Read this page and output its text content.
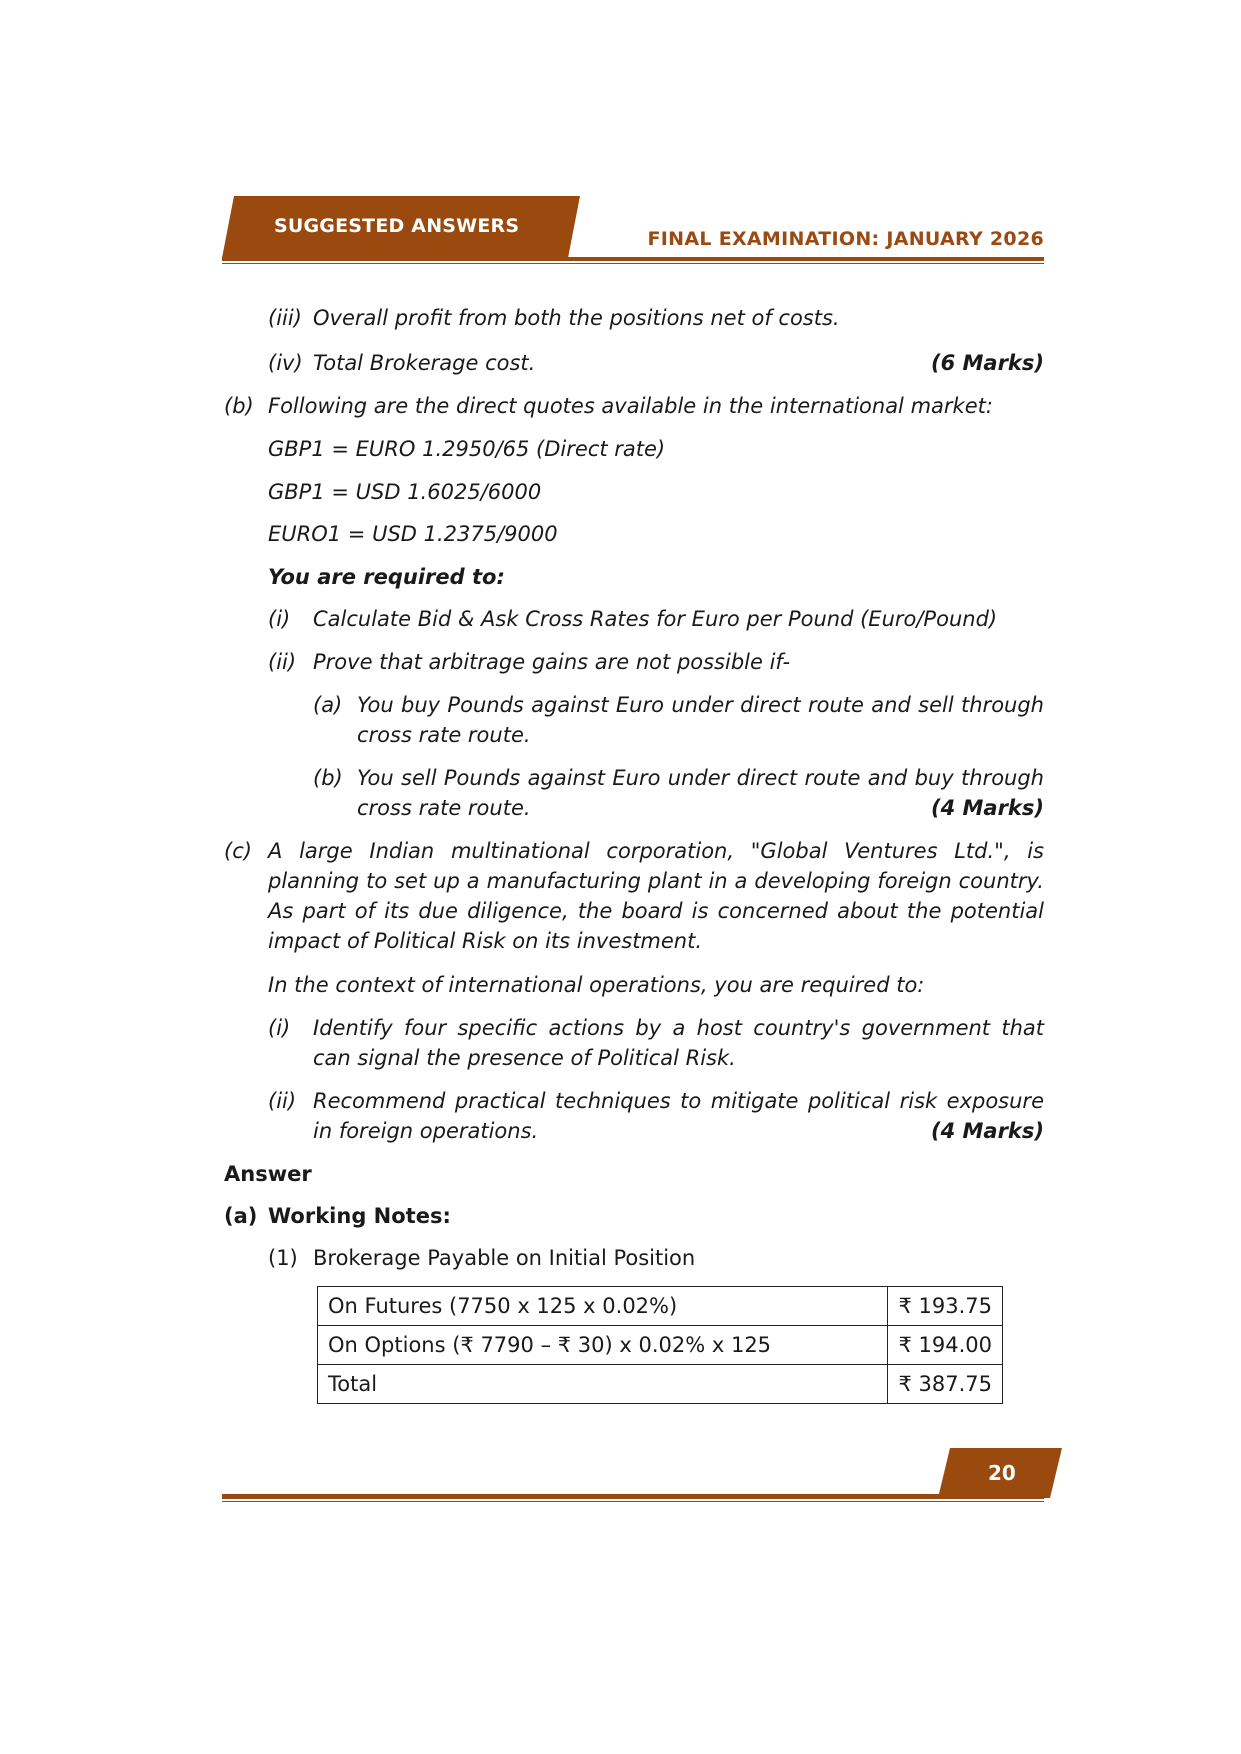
SUGGESTED ANSWERS
FINAL EXAMINATION: JANUARY 2026
(iii) Overall profit from both the positions net of costs.
(iv) Total Brokerage cost.	(6 Marks)
(b) Following are the direct quotes available in the international market:
GBP1 = EURO 1.2950/65 (Direct rate)
GBP1 = USD 1.6025/6000
EURO1 = USD 1.2375/9000
You are required to:
(i) Calculate Bid & Ask Cross Rates for Euro per Pound (Euro/Pound)
(ii) Prove that arbitrage gains are not possible if-
(a) You buy Pounds against Euro under direct route and sell through cross rate route.
(b) You sell Pounds against Euro under direct route and buy through cross rate route.	(4 Marks)
(c) A large Indian multinational corporation, "Global Ventures Ltd.", is planning to set up a manufacturing plant in a developing foreign country. As part of its due diligence, the board is concerned about the potential impact of Political Risk on its investment.
In the context of international operations, you are required to:
(i) Identify four specific actions by a host country's government that can signal the presence of Political Risk.
(ii) Recommend practical techniques to mitigate political risk exposure in foreign operations.	(4 Marks)
Answer
(a) Working Notes:
(1) Brokerage Payable on Initial Position
On Futures (7750 x 125 x 0.02%)	₹ 193.75
On Options (₹ 7790 – ₹ 30) x 0.02% x 125	₹ 194.00
Total	₹ 387.75
20
